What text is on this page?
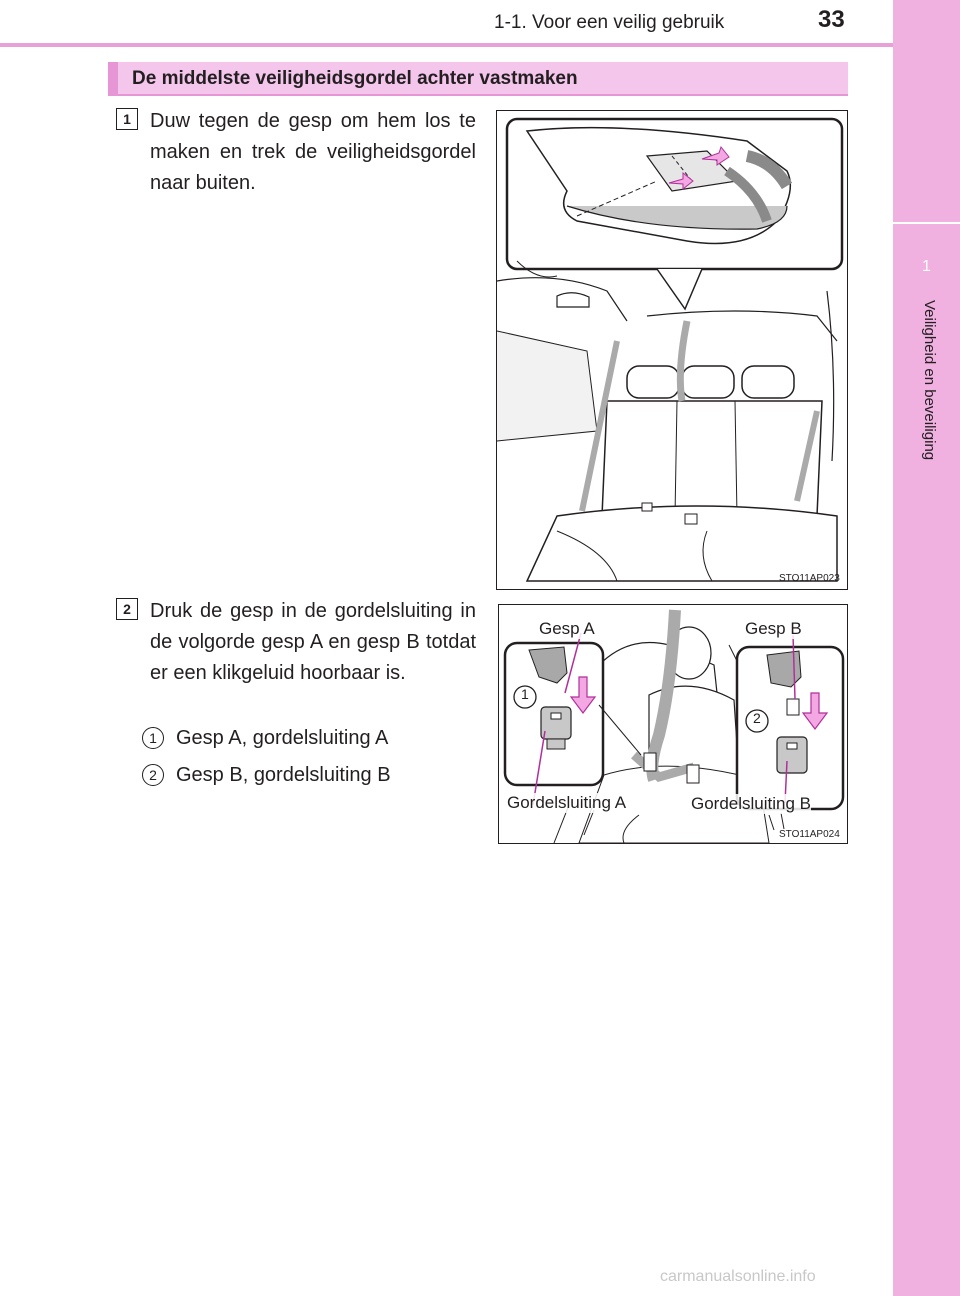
1
Veiligheid en beveiliging
1-1. Voor een veilig gebruik	33
De middelste veiligheidsgordel achter vastmaken
1 Duw tegen de gesp om hem los te maken en trek de veiligheidsgordel naar buiten.
STO11AP023
2 Druk de gesp in de gordelsluiting in de volgorde gesp A en gesp B totdat er een klikgeluid hoorbaar is.
1 Gesp A, gordelsluiting A
2 Gesp B, gordelsluiting B
Gesp A	Gesp B
Gordelsluiting A	Gordelsluiting B
1
2
STO11AP024
carmanualsonline.info
